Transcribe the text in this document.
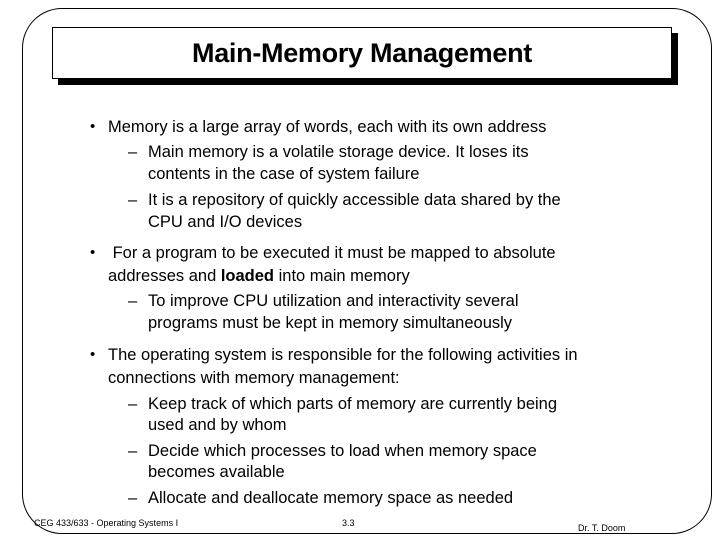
Main-Memory Management
• Memory is a large array of words, each with its own address
– Main memory is a volatile storage device. It loses its
contents in the case of system failure
– It is a repository of quickly accessible data shared by the
CPU and I/O devices
• For a program to be executed it must be mapped to absolute
addresses and loaded into main memory
– To improve CPU utilization and interactivity several
programs must be kept in memory simultaneously
• The operating system is responsible for the following activities in
connections with memory management:
– Keep track of which parts of memory are currently being
used and by whom
– Decide which processes to load when memory space
becomes available
– Allocate and deallocate memory space as needed
CEG 433/633 - Operating Systems I	3.3	Dr. T. Doom
